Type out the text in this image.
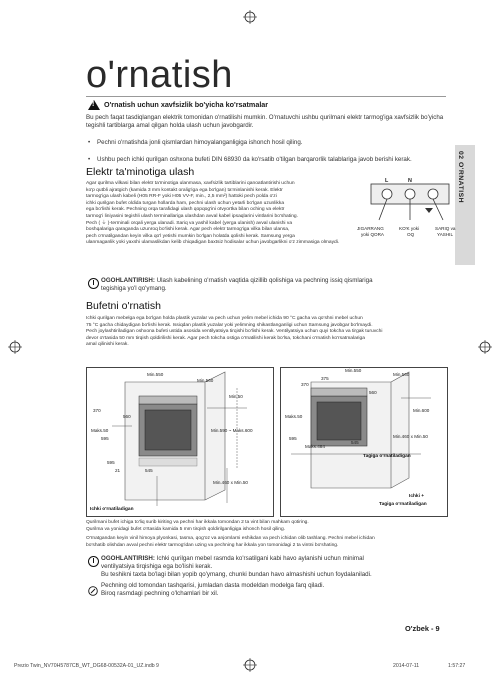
o'rnatish
02 O'RNATISH
!O'rnatish uchun xavfsizlik bo'yicha ko'rsatmalar
Bu pech faqat tasdiqlangan elektrik tomonidan o'rnatilishi mumkin. O'rnatuvchi ushbu qurilmani elektr tarmog'iga xavfsizlik bo'yicha tegishli tartiblarga amal qilgan holda ulash uchun javobgardir.
• Pechni o'rnatishda jonli qismlardan himoyalanganligiga ishonch hosil qiling.
• Ushbu pech ichki qurilgan oshxona bufeti DIN 68930 da ko'rsatib o'tilgan barqarorlik talablariga javob berishi kerak.
Elektr ta'minotiga ulash
Agar qurilma vilkasi bilan elektr ta'minotiga ulanmasa, xavfsizlik tartiblarini qanoatlantirishi uchun
ko'p qutbli ajratgich (kamida 3 mm kontakt oralig'iga ega bo'lgan) ta'minlanishi kerak. Elektr
tarmog'iga ulash kabeli (H05 RR-F yoki H05 VV-F, min., 2,5 mm²) hattoki pech polda o'zi
ichki qurilgan bufet oldida turgan hollarda ham, pechni ulash uchun yetarli bo'lgan uzunlikka
ega bo'lishi kerak. Pechning orqa tarafidagi ulash qopqog'ini otvyortka bilan oching va elektr
tarmog'i liniyasini tegishli ulash terminallariga ulashdan avval kabel ipsaqlarini vintlarini bo'shating.
Pech ( ⏚ )-terminali orqali yerga ulanadi. Sariq va yashil kabel (yerga ulanish) avval ulanishi va
boshqalariga qaraganda uzunroq bo'lishi kerak. Agar pech elektr tarmog'iga vilka bilan ulansa,
pech o'rnatilgandan keyin vilka qo'l yetishi mumkin bo'lgan holatda qolishi kerak. Samsung yerga
ulanmaganlik yoki yaxshi ulamaslikdan kelib chiqadigan baxtsiz hodisalar uchun javobgarlikni o'z zimmasiga olmaydi.
L	N
JIGARRANG
yoki QORA
KO'K yoki
OQ
SARIQ va
YASHIL
OGOHLANTIRISH: Ulash kabelining o'rnatish vaqtida qizillib qolishiga va pechning issiq qismlariga
tegishiga yo'l qo'ymang.
Bufetni o'rnatish
Ichki qurilgan mebelga ega bo'lgan holda plastik yuzalar va pech uchun yelim mebel ichida 90 °C gacha va qo'shni mebel uchun
75 °C gacha chidaydigan bo'lishi kerak. Issiqdan plastik yuzalar yoki yelimning shikastlanganligi uchun Samsung javobgar bo'lmaydi.
Pech joylashtiriladigan oshxona bufeti ustida asosida ventilyatsiya tirqishi bo'lishi kerak. Ventilyatsiya uchun quyi tokcha va tirgak turuvchi
devor o'rtasida 50 mm tirqish qoldirilishi kerak. Agar pech tokcha ostiga o'rnatilishi kerak bo'lsa, tokchani o'rnatish ko'rsatmalariga
amal qilinishi kerak.
Min.550
Min.560
Min.50
370
560
Maks.50
595
Min.590 ~ Maks.600
595
21	545
Min.460 x Min.50
Ichki o'rnatiladigan
Min.550
Min.560
370
375
560
Maks.50
Min.600
595
Maks.484
545
Min.460 x Min.50
Tagiga o'rnatiladigan
Ichki +
Tagiga o'rnatiladigan
Qurilmani bufet ichiga to'liq surib kiriting va pechni har ikkala tomondan 2 ta vint bilan mahkam qotiring.
Qurilma va yonidagi bufet o'rtasida kamida 5 mm tirqish qoldirilganligiga ishonch hosil qiling.
O'rnatgandan keyin vinil himoya plyonkasi, tasma, qog'oz va anjomlarni eshikdan va pech ichidan olib tashlang. Pechni mebel ichidan
bo'shatib olishdan avval pechni elektr tarmog'idan uzing va pechning har ikkala yon tomonidagi 2 ta vintni bo'shating.
OGOHLANTIRISH: Ichki qurilgan mebel rasmda ko'rsatilgani kabi havo aylanishi uchun minimal
ventilyatsiya tirqishiga ega bo'lishi kerak.
Bu teshikni taxta bo'lagi bilan yopib qo'ymang, chunki bundan havo almashishi uchun foydalaniladi.
Pechning old tomondan tashqarisi, jumladan dasta modeldan modelga farq qiladi.
Biroq rasmdagi pechning o'lchamlari bir xil.
O'zbek - 9
Prezio Twin_NV70H5787CB_WT_DG68-00532A-01_UZ.indb 9	2014-07-11	1:57:27
